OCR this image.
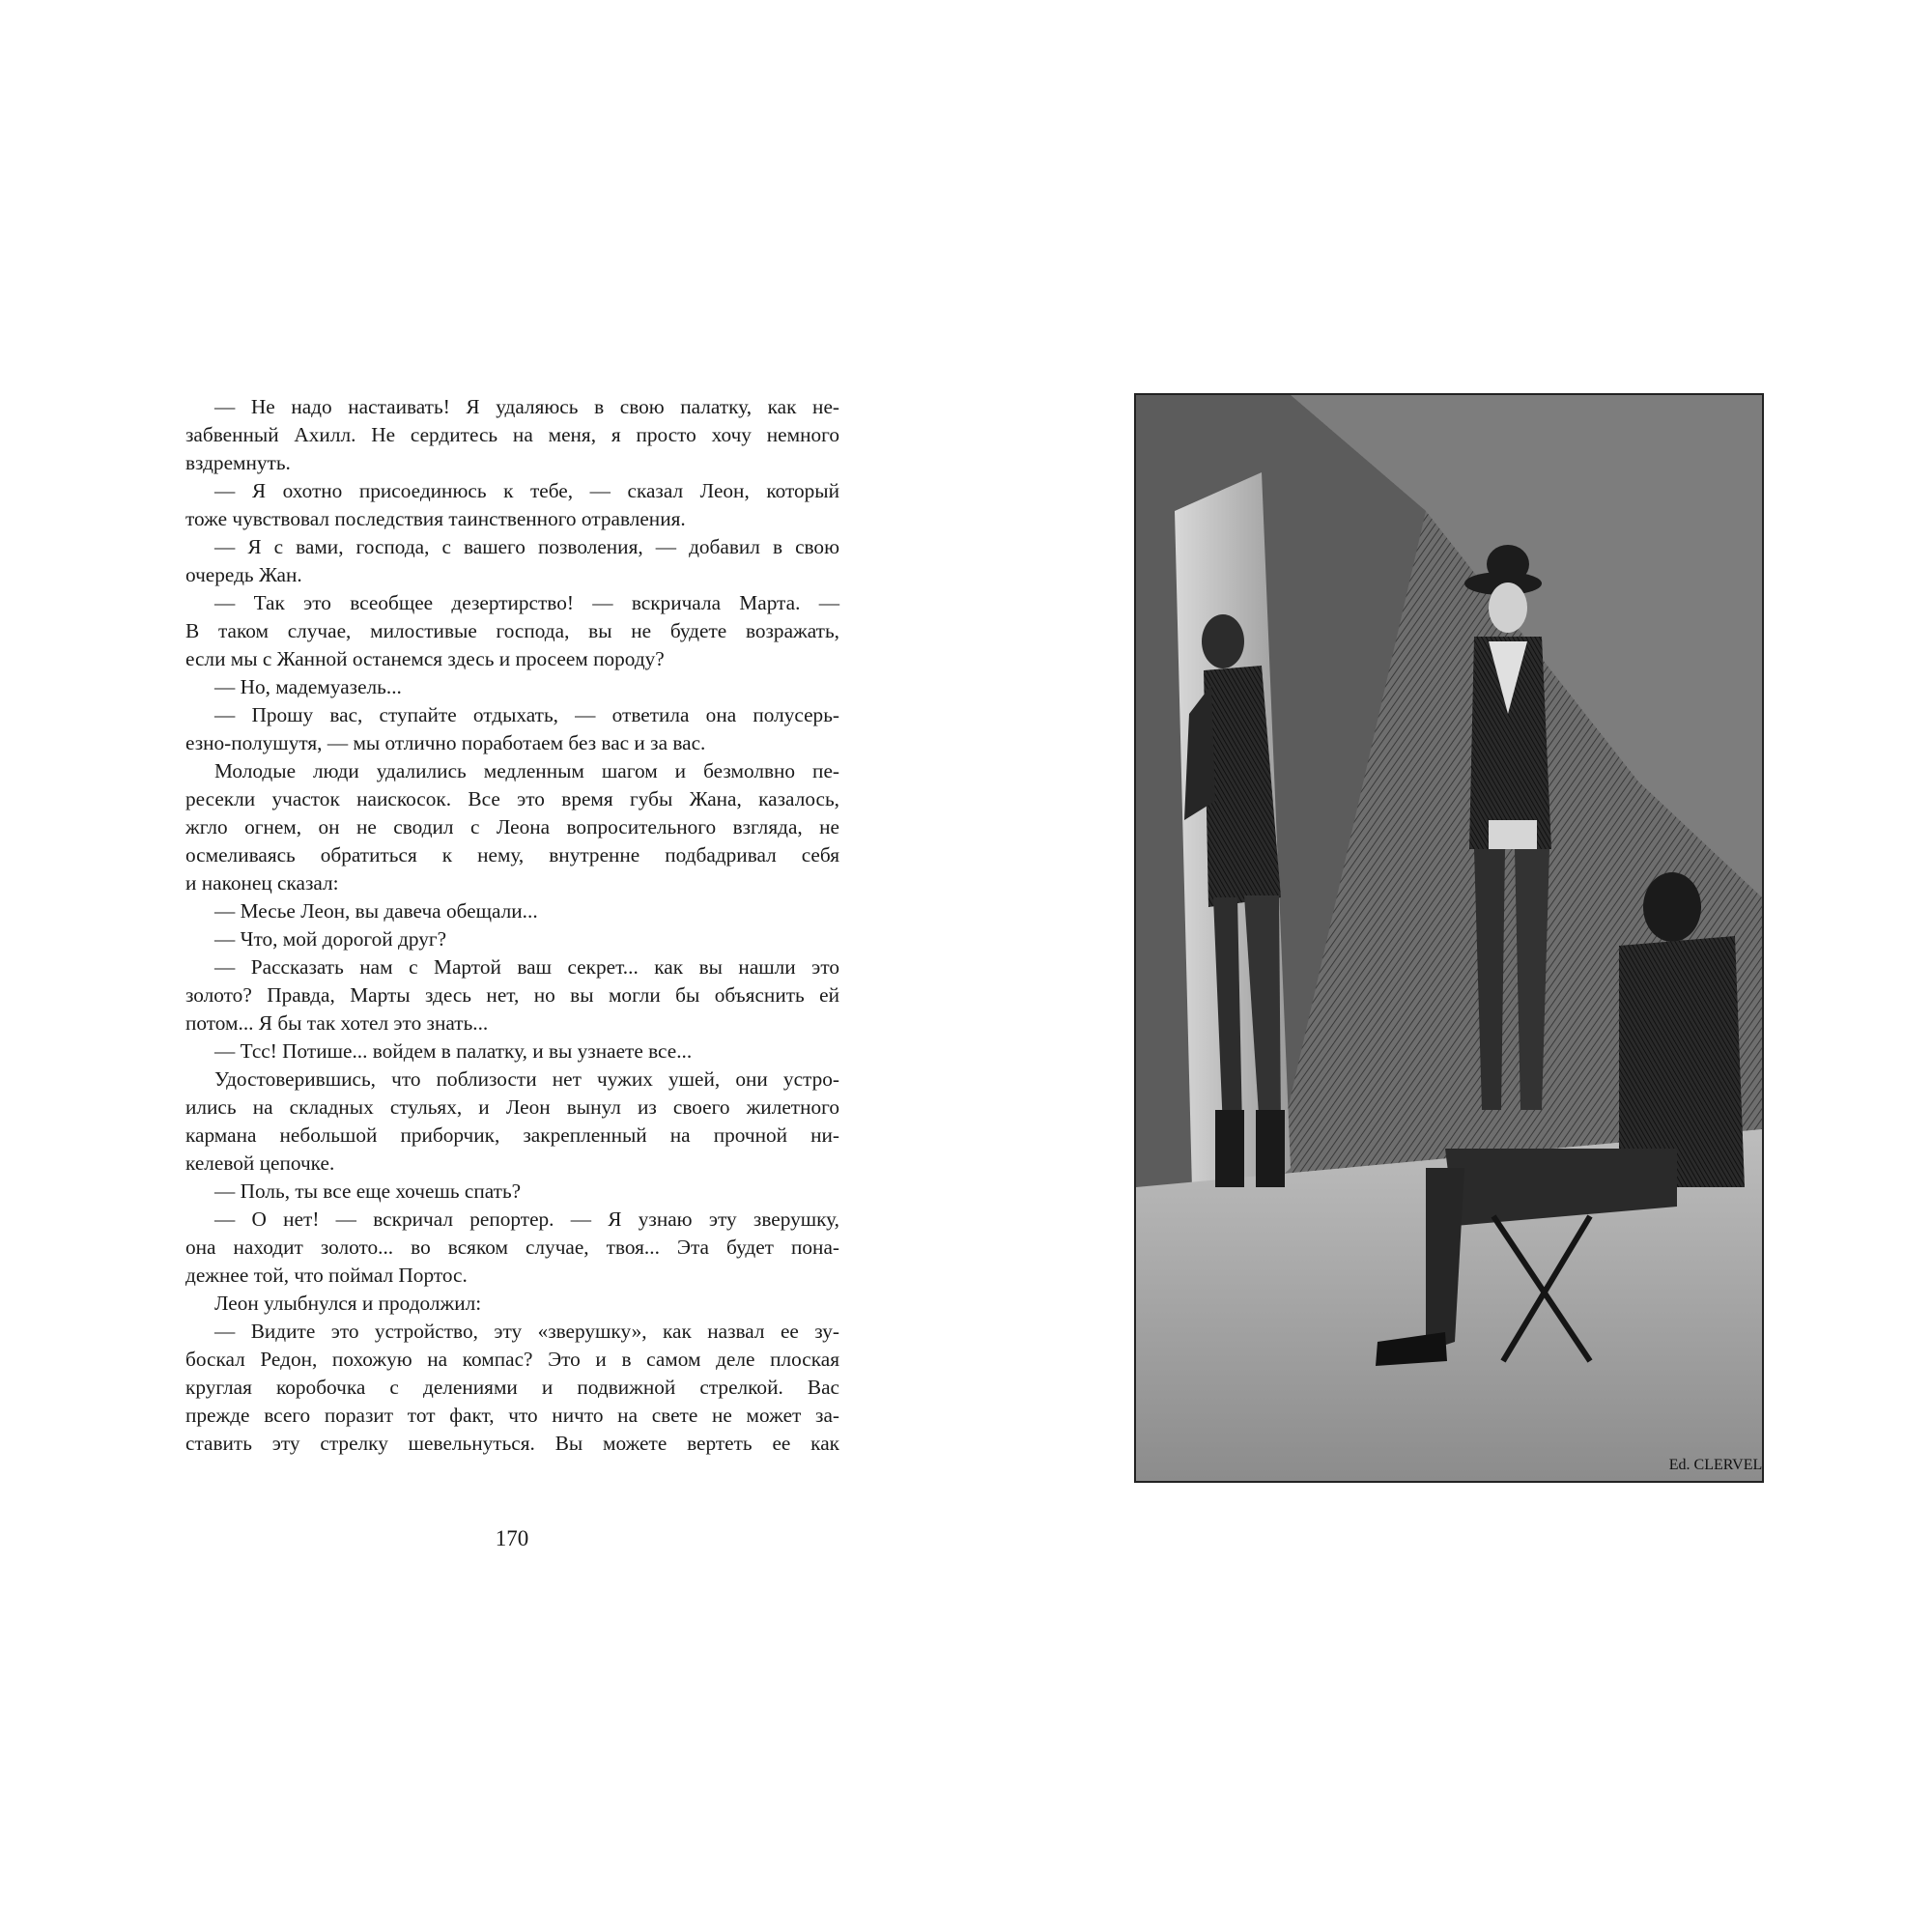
— Не надо настаивать! Я удаляюсь в свою палатку, как не-
забвенный Ахилл. Не сердитесь на меня, я просто хочу немного
вздремнуть.
— Я охотно присоединюсь к тебе, — сказал Леон, который
тоже чувствовал последствия таинственного отравления.
— Я с вами, господа, с вашего позволения, — добавил в свою
очередь Жан.
— Так это всеобщее дезертирство! — вскричала Марта. —
В таком случае, милостивые господа, вы не будете возражать,
если мы с Жанной останемся здесь и просеем породу?
— Но, мадемуазель...
— Прошу вас, ступайте отдыхать, — ответила она полусерь-
езно-полушутя, — мы отлично поработаем без вас и за вас.
Молодые люди удалились медленным шагом и безмолвно пе-
ресекли участок наискосок. Все это время губы Жана, казалось,
жгло огнем, он не сводил с Леона вопросительного взгляда, не
осмеливаясь обратиться к нему, внутренне подбадривал себя
и наконец сказал:
— Месье Леон, вы давеча обещали...
— Что, мой дорогой друг?
— Рассказать нам с Мартой ваш секрет... как вы нашли это
золото? Правда, Марты здесь нет, но вы могли бы объяснить ей
потом... Я бы так хотел это знать...
— Тсс! Потише... войдем в палатку, и вы узнаете все...
Удостоверившись, что поблизости нет чужих ушей, они устро-
ились на складных стульях, и Леон вынул из своего жилетного
кармана небольшой приборчик, закрепленный на прочной ни-
келевой цепочке.
— Поль, ты все еще хочешь спать?
— О нет! — вскричал репортер. — Я узнаю эту зверушку,
она находит золото... во всяком случае, твоя... Эта будет пона-
дежнее той, что поймал Портос.
Леон улыбнулся и продолжил:
— Видите это устройство, эту «зверушку», как назвал ее зу-
боскал Редон, похожую на компас? Это и в самом деле плоская
круглая коробочка с делениями и подвижной стрелкой. Вас
прежде всего поразит тот факт, что ничто на свете не может за-
ставить эту стрелку шевельнуться. Вы можете вертеть ее как
170
Ed. CLERVEL
